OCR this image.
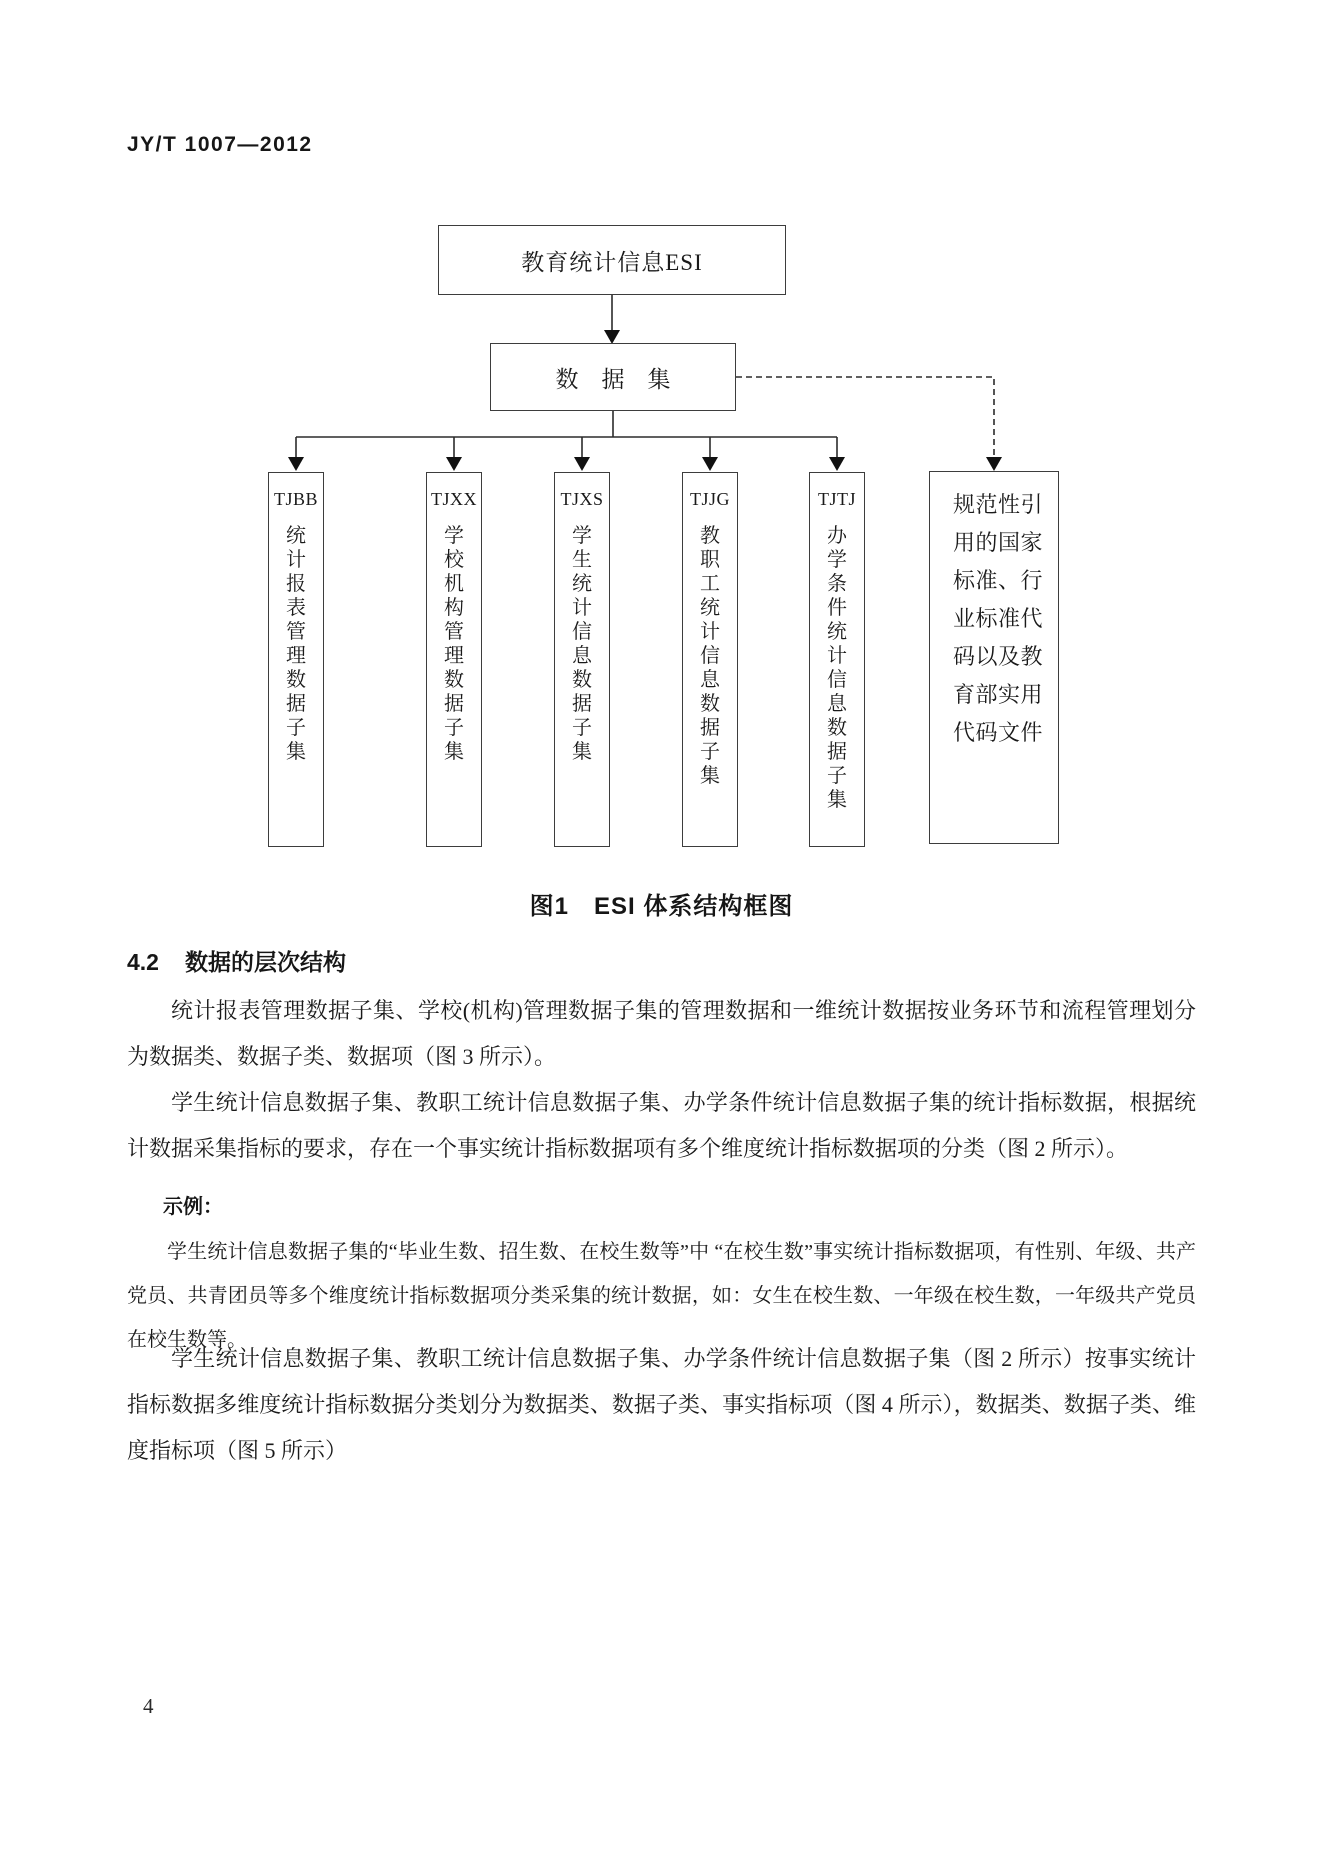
JY/T 1007—2012
教育统计信息ESI
数　据　集
TJBB
统计报表管理数据子集
TJXX
学校机构管理数据子集
TJXS
学生统计信息数据子集
TJJG
教职工统计信息数据子集
TJTJ
办学条件统计信息数据子集
规范性引
用的国家
标准、行
业标准代
码以及教
育部实用
代码文件
图1　ESI 体系结构框图
4.2 数据的层次结构

统计报表管理数据子集、学校(机构)管理数据子集的管理数据和一维统计数据按业务环节和流程管理划分为数据类、数据子类、数据项（图 3 所示）。

学生统计信息数据子集、教职工统计信息数据子集、办学条件统计信息数据子集的统计指标数据，根据统计数据采集指标的要求，存在一个事实统计指标数据项有多个维度统计指标数据项的分类（图 2 所示）。

示例：

学生统计信息数据子集的“毕业生数、招生数、在校生数等”中 “在校生数”事实统计指标数据项，有性别、年级、共产党员、共青团员等多个维度统计指标数据项分类采集的统计数据，如：女生在校生数、一年级在校生数，一年级共产党员在校生数等。

学生统计信息数据子集、教职工统计信息数据子集、办学条件统计信息数据子集（图 2 所示）按事实统计指标数据多维度统计指标数据分类划分为数据类、数据子类、事实指标项（图 4 所示），数据类、数据子类、维度指标项（图 5 所示）

4
